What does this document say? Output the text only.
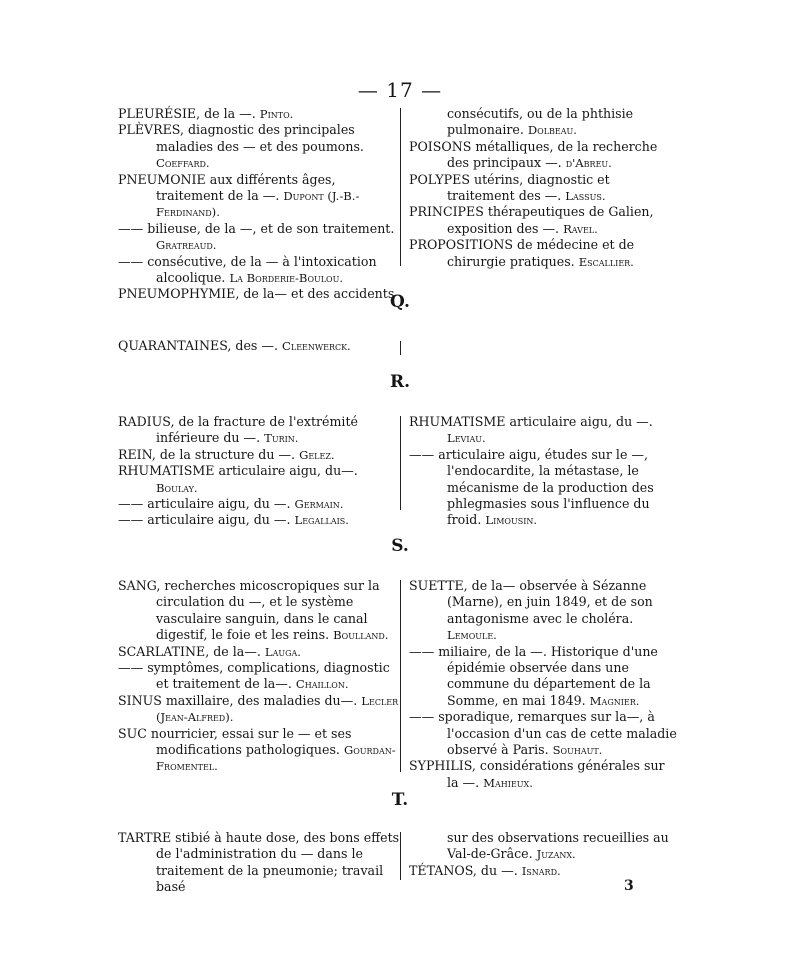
— 17 —

PLEURÉSIE, de la —. Pinto.

PLÈVRES, diagnostic des principales maladies des — et des poumons. Coeffard.

PNEUMONIE aux différents âges, traitement de la —. Dupont (J.-B.-Ferdinand).

—— bilieuse, de la —, et de son traitement. Gratreaud.

—— consécutive, de la — à l'intoxication alcoolique. La Borderie-Boulou.

PNEUMOPHYMIE, de la— et des accidents

consécutifs, ou de la phthisie pulmonaire. Dolbeau.

POISONS métalliques, de la recherche des principaux —. d'Abreu.

POLYPES utérins, diagnostic et traitement des —. Lassus.

PRINCIPES thérapeutiques de Galien, exposition des —. Ravel.

PROPOSITIONS de médecine et de chirurgie pratiques. Escallier.

Q.

QUARANTAINES, des —. Cleenwerck.

R.

RADIUS, de la fracture de l'extrémité inférieure du —. Turin.

REIN, de la structure du —. Gelez.

RHUMATISME articulaire aigu, du—. Boulay.

—— articulaire aigu, du —. Germain.

—— articulaire aigu, du —. Legallais.

RHUMATISME articulaire aigu, du —. Leviau.

—— articulaire aigu, études sur le —, l'endocardite, la métastase, le mécanisme de la production des phlegmasies sous l'influence du froid. Limousin.

S.

SANG, recherches micoscropiques sur la circulation du —, et le système vasculaire sanguin, dans le canal digestif, le foie et les reins. Boulland.

SCARLATINE, de la—. Lauga.

—— symptômes, complications, diagnostic et traitement de la—. Chaillon.

SINUS maxillaire, des maladies du—. Lecler (Jean-Alfred).

SUC nourricier, essai sur le — et ses modifications pathologiques. Gourdan-Fromentel.

SUETTE, de la— observée à Sézanne (Marne), en juin 1849, et de son antagonisme avec le choléra. Lemoule.

—— miliaire, de la —. Historique d'une épidémie observée dans une commune du département de la Somme, en mai 1849. Magnier.

—— sporadique, remarques sur la—, à l'occasion d'un cas de cette maladie observé à Paris. Souhaut.

SYPHILIS, considérations générales sur la —. Mahieux.

T.

TARTRE stibié à haute dose, des bons effets de l'administration du — dans le traitement de la pneumonie; travail basé

sur des observations recueillies au Val-de-Grâce. Juzanx.

TÉTANOS, du —. Isnard.

3
